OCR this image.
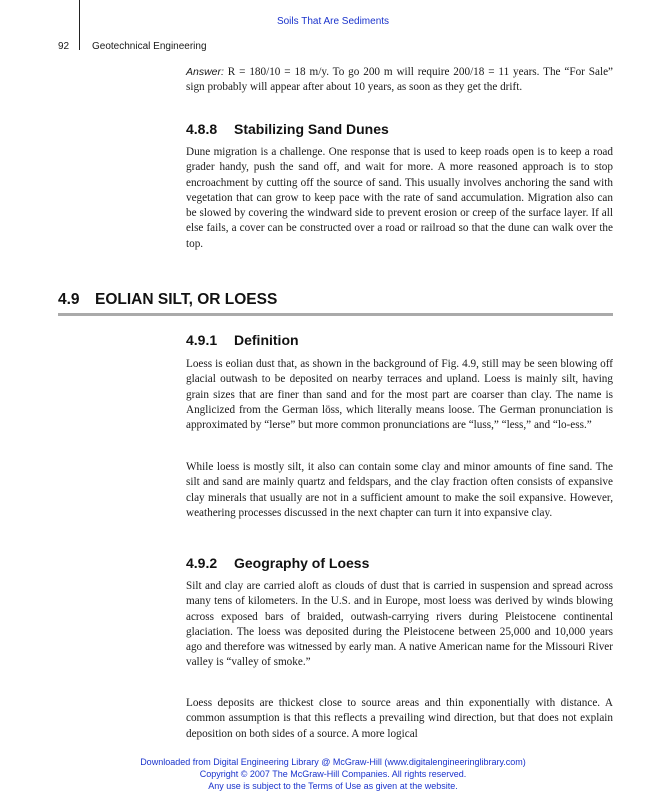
Soils That Are Sediments
92 Geotechnical Engineering

Answer: R = 180/10 = 18 m/y. To go 200 m will require 200/18 = 11 years. The “For Sale” sign probably will appear after about 10 years, as soon as they get the drift.

4.8.8 Stabilizing Sand Dunes

Dune migration is a challenge. One response that is used to keep roads open is to keep a road grader handy, push the sand off, and wait for more. A more reasoned approach is to stop encroachment by cutting off the source of sand. This usually involves anchoring the sand with vegetation that can grow to keep pace with the rate of sand accumulation. Migration also can be slowed by covering the windward side to prevent erosion or creep of the surface layer. If all else fails, a cover can be constructed over a road or railroad so that the dune can walk over the top.

4.9 EOLIAN SILT, OR LOESS
4.9.1 Definition

Loess is eolian dust that, as shown in the background of Fig. 4.9, still may be seen blowing off glacial outwash to be deposited on nearby terraces and upland. Loess is mainly silt, having grain sizes that are finer than sand and for the most part are coarser than clay. The name is Anglicized from the German löss, which literally means loose. The German pronunciation is approximated by “lerse” but more common pronunciations are “luss,” “less,” and “lo-ess.”

While loess is mostly silt, it also can contain some clay and minor amounts of fine sand. The silt and sand are mainly quartz and feldspars, and the clay fraction often consists of expansive clay minerals that usually are not in a sufficient amount to make the soil expansive. However, weathering processes discussed in the next chapter can turn it into expansive clay.

4.9.2 Geography of Loess

Silt and clay are carried aloft as clouds of dust that is carried in suspension and spread across many tens of kilometers. In the U.S. and in Europe, most loess was derived by winds blowing across exposed bars of braided, outwash-carrying rivers during Pleistocene continental glaciation. The loess was deposited during the Pleistocene between 25,000 and 10,000 years ago and therefore was witnessed by early man. A native American name for the Missouri River valley is “valley of smoke.”

Loess deposits are thickest close to source areas and thin exponentially with distance. A common assumption is that this reflects a prevailing wind direction, but that does not explain deposition on both sides of a source. A more logical

Downloaded from Digital Engineering Library @ McGraw-Hill (www.digitalengineeringlibrary.com)
Copyright © 2007 The McGraw-Hill Companies. All rights reserved.
Any use is subject to the Terms of Use as given at the website.
